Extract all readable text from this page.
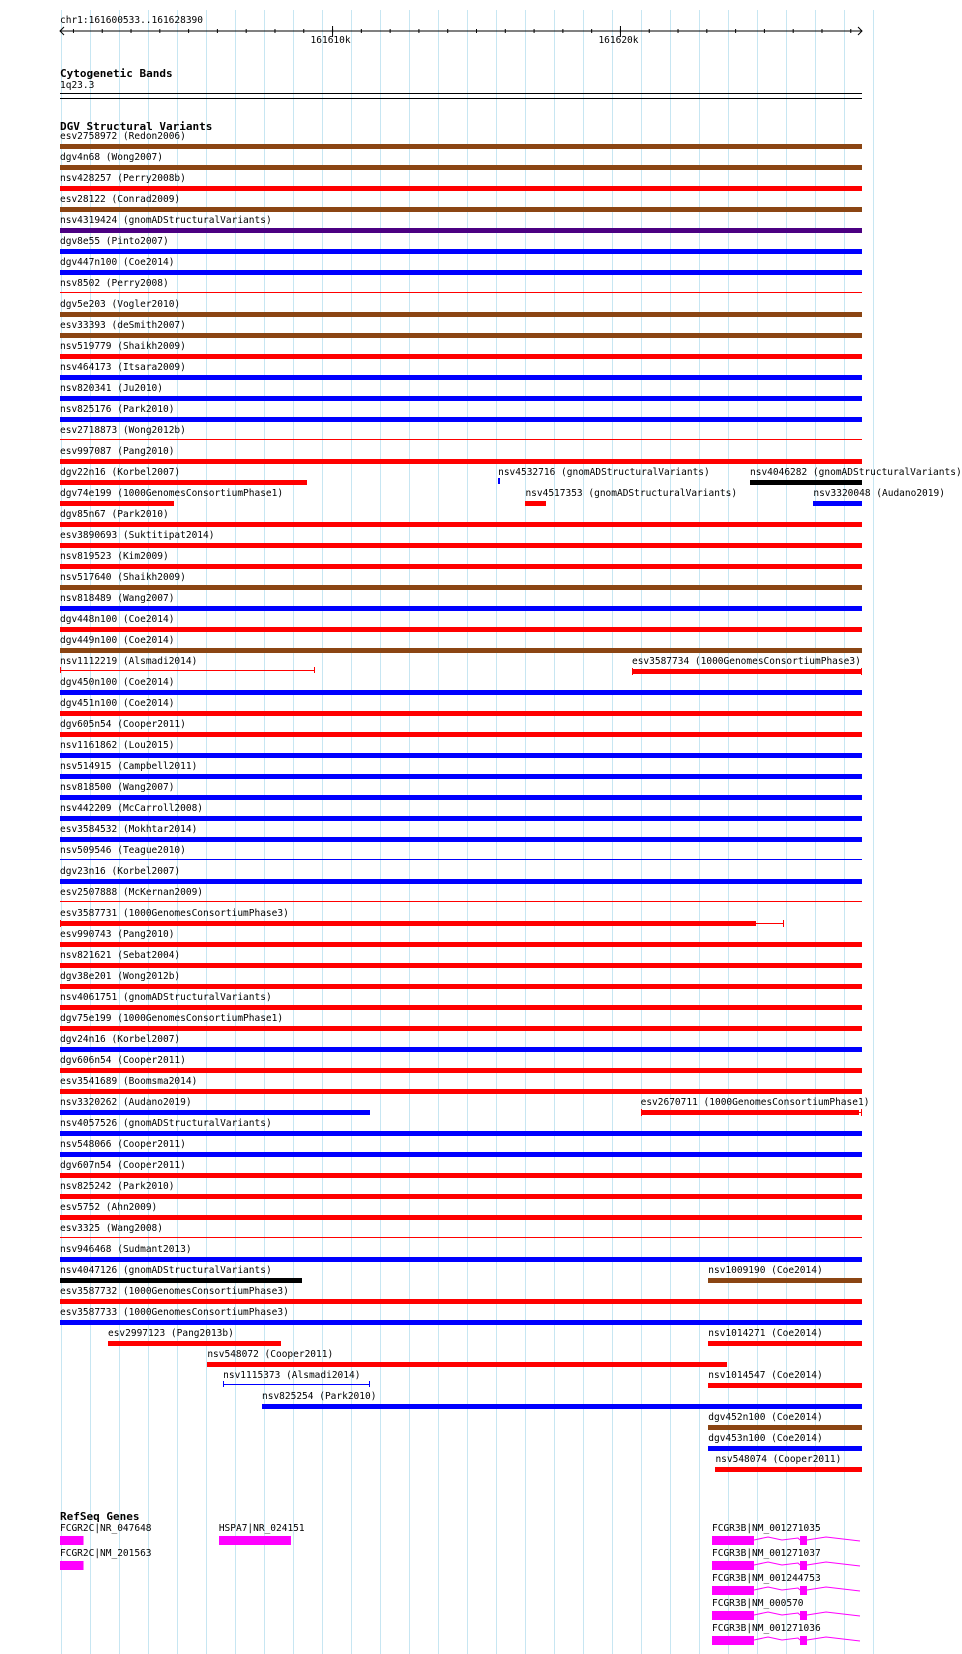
chr1:161600533..161628390
161610k	161620k
Cytogenetic Bands
1q23.3
DGV Structural Variants
esv2758972 (Redon2006)
dgv4n68 (Wong2007)
nsv428257 (Perry2008b)
esv28122 (Conrad2009)
nsv4319424 (gnomADStructuralVariants)
dgv8e55 (Pinto2007)
dgv447n100 (Coe2014)
nsv8502 (Perry2008)
dgv5e203 (Vogler2010)
esv33393 (deSmith2007)
nsv519779 (Shaikh2009)
nsv464173 (Itsara2009)
nsv820341 (Ju2010)
nsv825176 (Park2010)
esv2718873 (Wong2012b)
esv997087 (Pang2010)
dgv22n16 (Korbel2007)	nsv4532716 (gnomADStructuralVariants)	nsv4046282 (gnomADStructuralVariants)
dgv74e199 (1000GenomesConsortiumPhase1)	nsv4517353 (gnomADStructuralVariants)	nsv3320048 (Audano2019)
dgv85n67 (Park2010)
esv3890693 (Suktitipat2014)
nsv819523 (Kim2009)
nsv517640 (Shaikh2009)
nsv818489 (Wang2007)
dgv448n100 (Coe2014)
dgv449n100 (Coe2014)
nsv1112219 (Alsmadi2014)	esv3587734 (1000GenomesConsortiumPhase3)
dgv450n100 (Coe2014)
dgv451n100 (Coe2014)
dgv605n54 (Cooper2011)
nsv1161862 (Lou2015)
nsv514915 (Campbell2011)
nsv818500 (Wang2007)
nsv442209 (McCarroll2008)
esv3584532 (Mokhtar2014)
nsv509546 (Teague2010)
dgv23n16 (Korbel2007)
esv2507888 (McKernan2009)
esv3587731 (1000GenomesConsortiumPhase3)
esv990743 (Pang2010)
nsv821621 (Sebat2004)
dgv38e201 (Wong2012b)
nsv4061751 (gnomADStructuralVariants)
dgv75e199 (1000GenomesConsortiumPhase1)
dgv24n16 (Korbel2007)
dgv606n54 (Cooper2011)
esv3541689 (Boomsma2014)
nsv3320262 (Audano2019)	esv2670711 (1000GenomesConsortiumPhase1)
nsv4057526 (gnomADStructuralVariants)
nsv548066 (Cooper2011)
dgv607n54 (Cooper2011)
nsv825242 (Park2010)
esv5752 (Ahn2009)
esv3325 (Wang2008)
nsv946468 (Sudmant2013)
nsv4047126 (gnomADStructuralVariants)	nsv1009190 (Coe2014)
esv3587732 (1000GenomesConsortiumPhase3)
esv3587733 (1000GenomesConsortiumPhase3)
esv2997123 (Pang2013b)	nsv1014271 (Coe2014)
nsv548072 (Cooper2011)
nsv1115373 (Alsmadi2014)	nsv1014547 (Coe2014)
nsv825254 (Park2010)
dgv452n100 (Coe2014)
dgv453n100 (Coe2014)
nsv548074 (Cooper2011)
RefSeq Genes
FCGR2C|NR_047648
FCGR2C|NM_201563
HSPA7|NR_024151	FCGR3B|NM_001271035
FCGR3B|NM_001271037
FCGR3B|NM_001244753
FCGR3B|NM_000570
FCGR3B|NM_001271036
